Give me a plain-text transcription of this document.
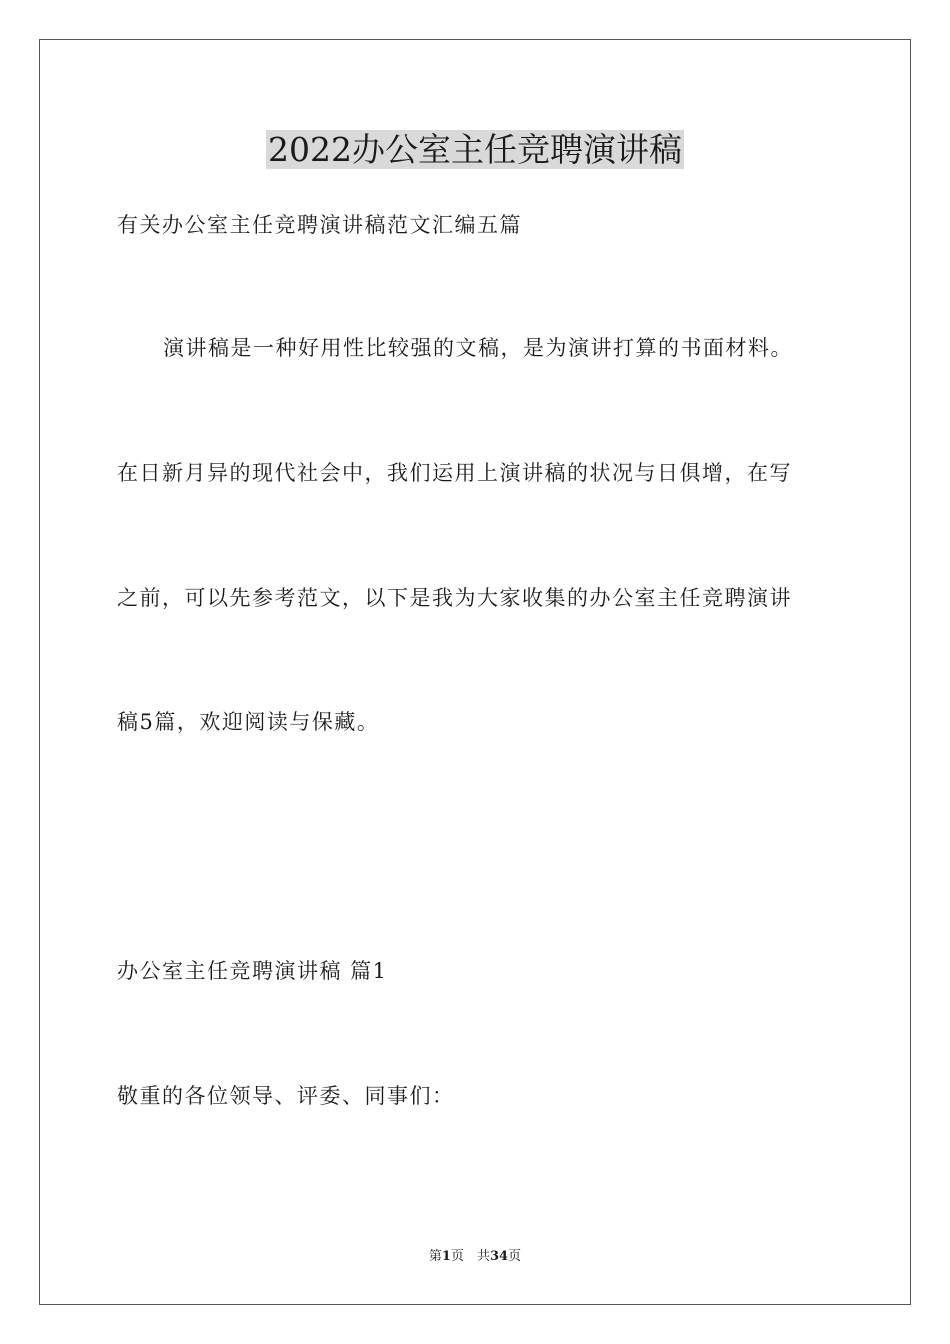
2022办公室主任竞聘演讲稿
有关办公室主任竞聘演讲稿范文汇编五篇
演讲稿是一种好用性比较强的文稿，是为演讲打算的书面材料。
在日新月异的现代社会中，我们运用上演讲稿的状况与日俱增，在写
之前，可以先参考范文，以下是我为大家收集的办公室主任竞聘演讲
稿5篇，欢迎阅读与保藏。
办公室主任竞聘演讲稿 篇1
敬重的各位领导、评委、同事们：
第1页　共34页
